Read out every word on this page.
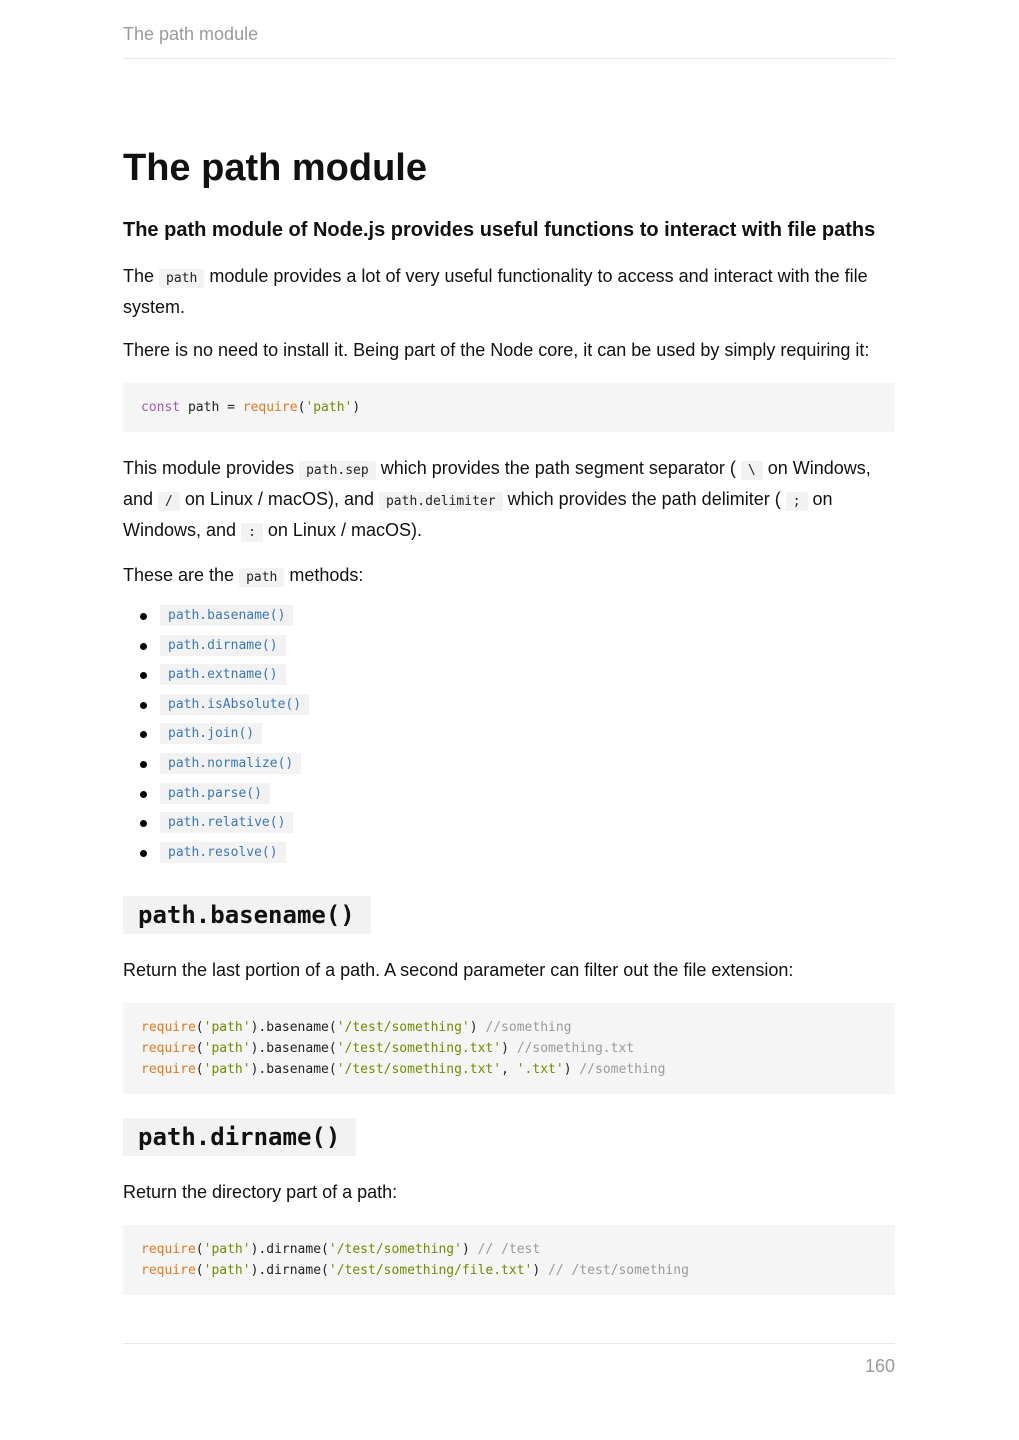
The path module
The path module
The path module of Node.js provides useful functions to interact with file paths

The path module provides a lot of very useful functionality to access and interact with the file system.

There is no need to install it. Being part of the Node core, it can be used by simply requiring it:

const path = require('path')

This module provides path.sep which provides the path segment separator ( \ on Windows, and / on Linux / macOS), and path.delimiter which provides the path delimiter ( ; on Windows, and : on Linux / macOS).

These are the path methods:

path.basename()
path.dirname()
path.extname()
path.isAbsolute()
path.join()
path.normalize()
path.parse()
path.relative()
path.resolve()
path.basename()

Return the last portion of a path. A second parameter can filter out the file extension:

require('path').basename('/test/something') //something
require('path').basename('/test/something.txt') //something.txt
require('path').basename('/test/something.txt', '.txt') //something
path.dirname()

Return the directory part of a path:

require('path').dirname('/test/something') // /test
require('path').dirname('/test/something/file.txt') // /test/something
160
